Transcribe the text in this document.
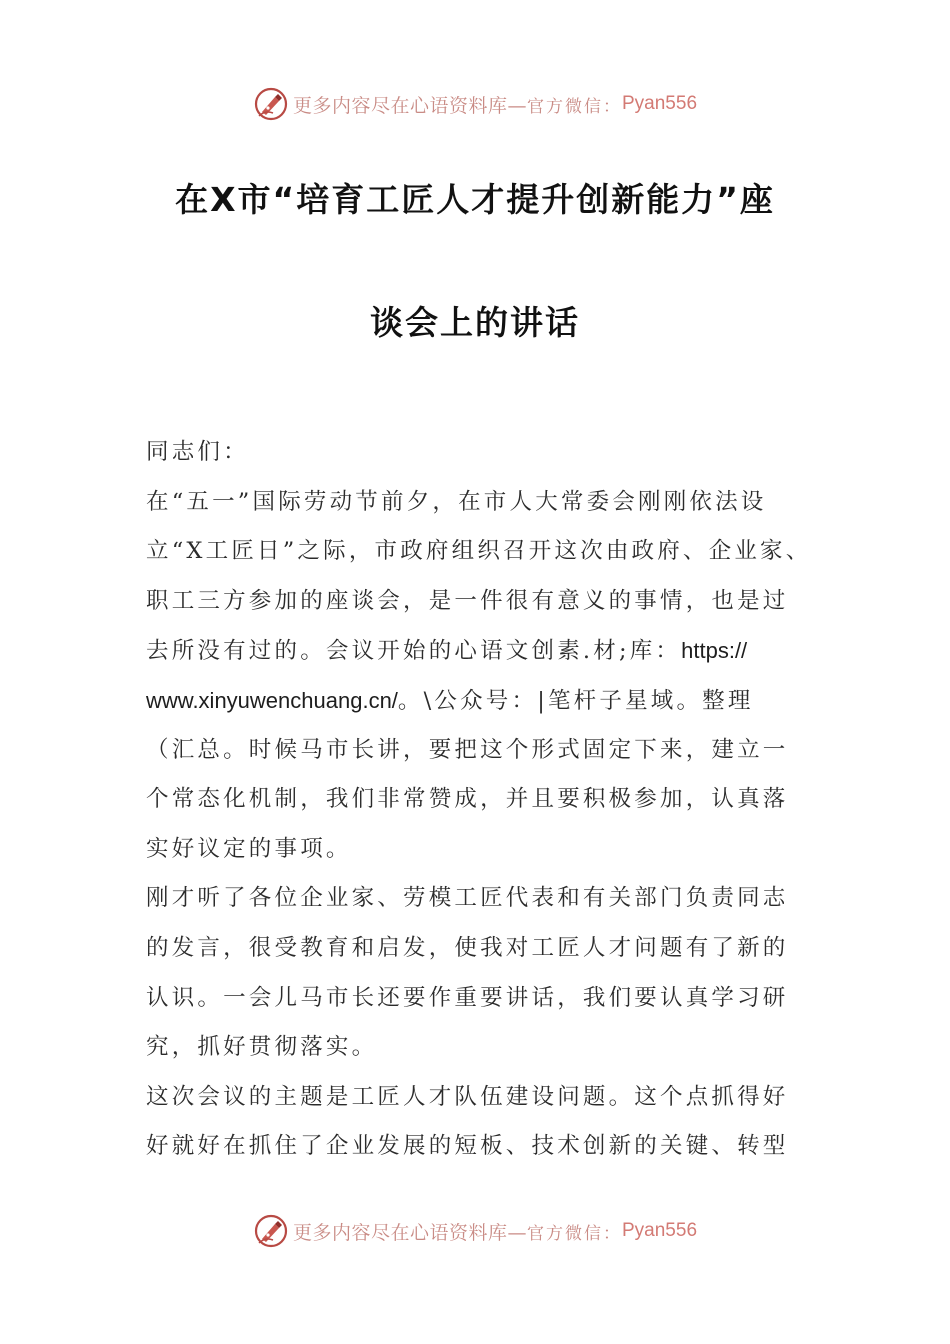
更多内容尽在心语资料库— 官方微信： Pyan556
在X市“培育工匠人才提升创新能力”座
谈会上的讲话
同志们：
在“五一”国际劳动节前夕，在市人大常委会刚刚依法设
立“X工匠日”之际，市政府组织召开这次由政府、企业家、
职工三方参加的座谈会，是一件很有意义的事情，也是过
去所没有过的。会议开始的心语文创素.材;库：https://
www.xinyuwenchuang.cn/。\公众号：|笔杆子星域。整理
（汇总。时候马市长讲，要把这个形式固定下来，建立一
个常态化机制，我们非常赞成，并且要积极参加，认真落
实好议定的事项。
刚才听了各位企业家、劳模工匠代表和有关部门负责同志
的发言，很受教育和启发，使我对工匠人才问题有了新的
认识。一会儿马市长还要作重要讲话，我们要认真学习研
究，抓好贯彻落实。
这次会议的主题是工匠人才队伍建设问题。这个点抓得好
好就好在抓住了企业发展的短板、技术创新的关键、转型
更多内容尽在心语资料库— 官方微信： Pyan556
